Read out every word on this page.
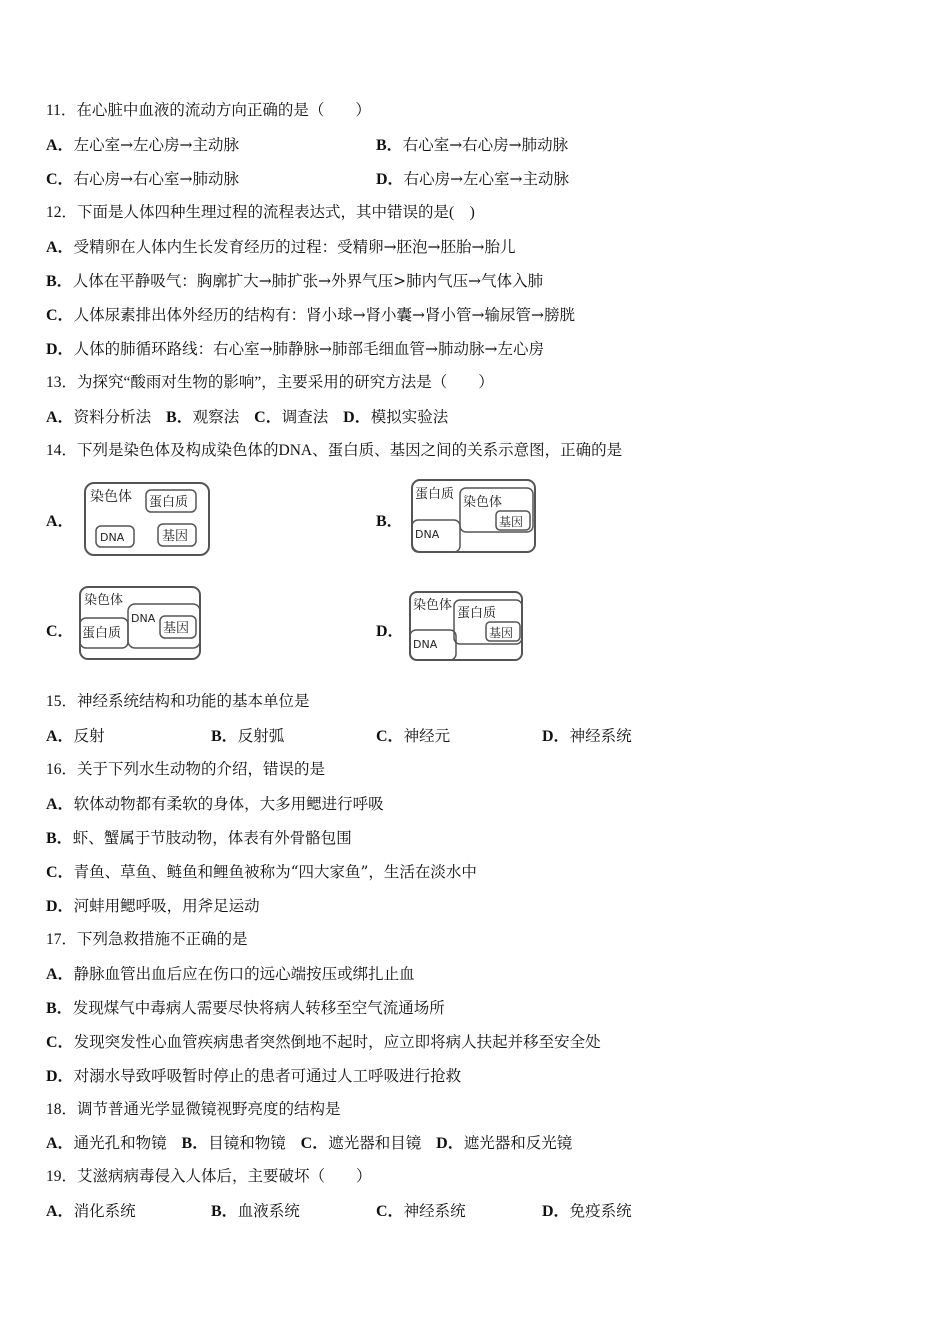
11．在心脏中血液的流动方向正确的是（　　）
A．左心室→左心房→主动脉	B．右心室→右心房→肺动脉
C．右心房→右心室→肺动脉	D．右心房→左心室→主动脉
12．下面是人体四种生理过程的流程表达式，其中错误的是(　)
A．受精卵在人体内生长发育经历的过程：受精卵→胚泡→胚胎→胎儿
B．人体在平静吸气：胸廓扩大→肺扩张→外界气压>肺内气压→气体入肺
C．人体尿素排出体外经历的结构有：肾小球→肾小囊→肾小管→输尿管→膀胱
D．人体的肺循环路线：右心室→肺静脉→肺部毛细血管→肺动脉→左心房
13．为探究“酸雨对生物的影响”，主要采用的研究方法是（　　）
A．资料分析法 B．观察法 C．调查法 D．模拟实验法
14．下列是染色体及构成染色体的DNA、蛋白质、基因之间的关系示意图，正确的是
A．
染色体 蛋白质
DNA	基因
B．
蛋白质
染色体
基因
DNA
C．
染色体
蛋白质
DNA
基因	D．
染色体
蛋白质
基因
DNA
15．神经系统结构和功能的基本单位是
A．反射	B．反射弧	C．神经元	D．神经系统
16．关于下列水生动物的介绍，错误的是
A．软体动物都有柔软的身体，大多用鳃进行呼吸
B．虾、蟹属于节肢动物，体表有外骨骼包围
C．青鱼、草鱼、鲢鱼和鲤鱼被称为“四大家鱼”，生活在淡水中
D．河蚌用鳃呼吸，用斧足运动
17．下列急救措施不正确的是
A．静脉血管出血后应在伤口的远心端按压或绑扎止血
B．发现煤气中毒病人需要尽快将病人转移至空气流通场所
C．发现突发性心血管疾病患者突然倒地不起时，应立即将病人扶起并移至安全处
D．对溺水导致呼吸暂时停止的患者可通过人工呼吸进行抢救
18．调节普通光学显微镜视野亮度的结构是
A．通光孔和物镜 B．目镜和物镜 C．遮光器和目镜 D．遮光器和反光镜
19．艾滋病病毒侵入人体后，主要破坏（　　）
A．消化系统	B．血液系统	C．神经系统	D．免疫系统
